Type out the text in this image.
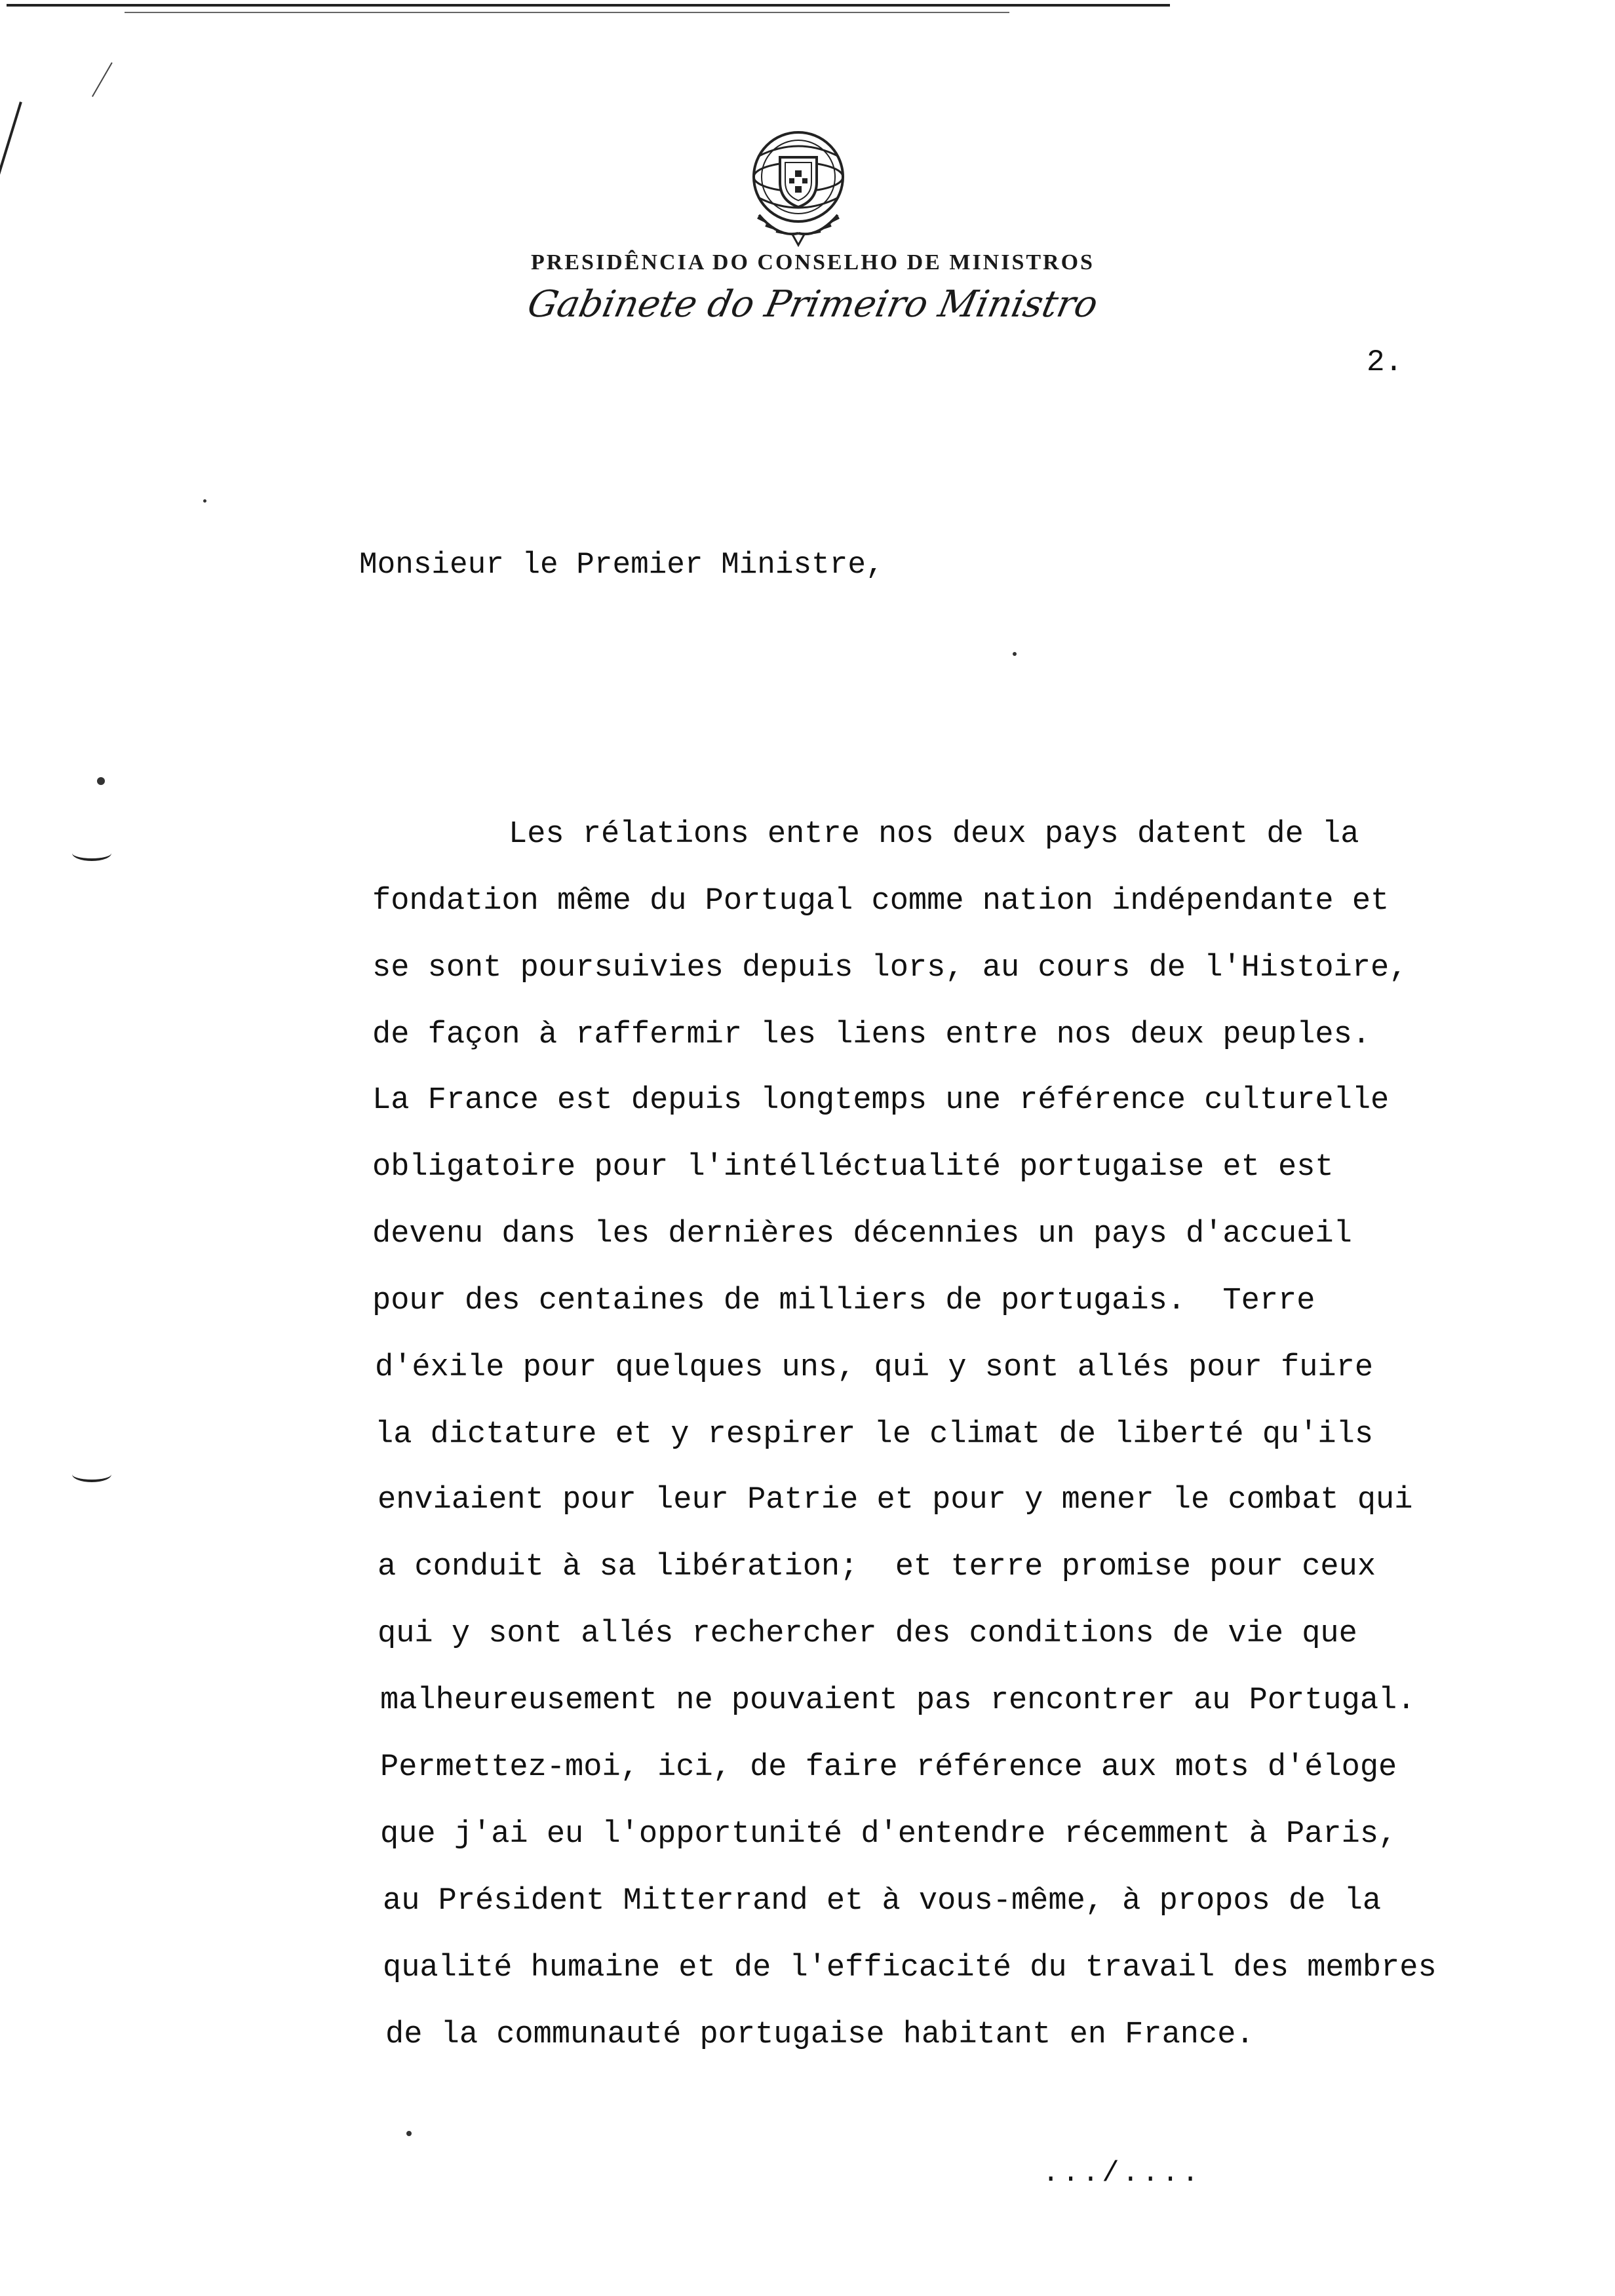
PRESIDÊNCIA DO CONSELHO DE MINISTROS
Gabinete do Primeiro Ministro
2.
Monsieur le Premier Ministre,
Les rélations entre nos deux pays datent de la
fondation même du Portugal comme nation indépendante et
se sont poursuivies depuis lors, au cours de l'Histoire,
de façon à raffermir les liens entre nos deux peuples.
La France est depuis longtemps une référence culturelle
obligatoire pour l'intélléctualité portugaise et est
devenu dans les dernières décennies un pays d'accueil
pour des centaines de milliers de portugais.  Terre
d'éxile pour quelques uns, qui y sont allés pour fuire
la dictature et y respirer le climat de liberté qu'ils
enviaient pour leur Patrie et pour y mener le combat qui
a conduit à sa libération;  et terre promise pour ceux
qui y sont allés rechercher des conditions de vie que
malheureusement ne pouvaient pas rencontrer au Portugal.
Permettez-moi, ici, de faire référence aux mots d'éloge
que j'ai eu l'opportunité d'entendre récemment à Paris,
au Président Mitterrand et à vous-même, à propos de la
qualité humaine et de l'efficacité du travail des membres
de la communauté portugaise habitant en France.
.../....
